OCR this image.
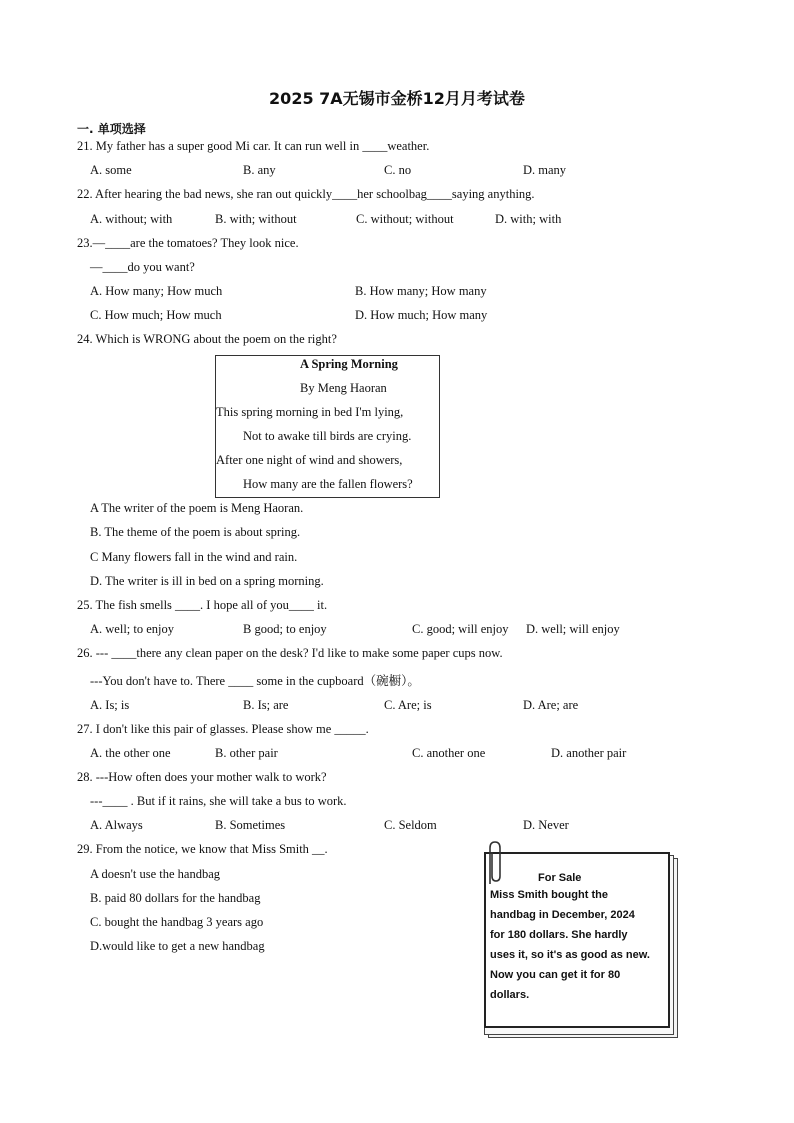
2025 7A无锡市金桥12月月考试卷
一. 单项选择
21. My father has a super good Mi car. It can run well in ____weather.
A. some	B. any	C. no	D. many
22. After hearing the bad news, she ran out quickly____her schoolbag____saying anything.
A. without; with	B. with; without	C. without; without	D. with; with
23.—____are the tomatoes? They look nice.
—____do you want?
A. How many; How much	B. How many; How many
C. How much; How much	D. How much; How many
24. Which is WRONG about the poem on the right?
A Spring Morning
By Meng Haoran
This spring morning in bed I'm lying,
Not to awake till birds are crying.
After one night of wind and showers,
How many are the fallen flowers?
A The writer of the poem is Meng Haoran.
B. The theme of the poem is about spring.
C Many flowers fall in the wind and rain.
D. The writer is ill in bed on a spring morning.
25. The fish smells ____. I hope all of you____ it.
A. well; to enjoy	B good; to enjoy	C. good; will enjoy D. well; will enjoy
26. --- ____there any clean paper on the desk? I'd like to make some paper cups now.
---You don't have to. There ____ some in the cupboard（碗橱）。
A. Is; is	B. Is; are	C. Are; is	D. Are; are
27. I don't like this pair of glasses. Please show me _____.
A. the other one	B. other pair	C. another one	D. another pair
28. ---How often does your mother walk to work?
---____ . But if it rains, she will take a bus to work.
A. Always	B. Sometimes	C. Seldom	D. Never
29. From the notice, we know that Miss Smith __.
A doesn't use the handbag
B. paid 80 dollars for the handbag
C. bought the handbag 3 years ago
D.would like to get a new handbag
For Sale
Miss Smith bought the
handbag in December, 2024
for 180 dollars. She hardly
uses it, so it's as good as new.
Now you can get it for 80
dollars.
